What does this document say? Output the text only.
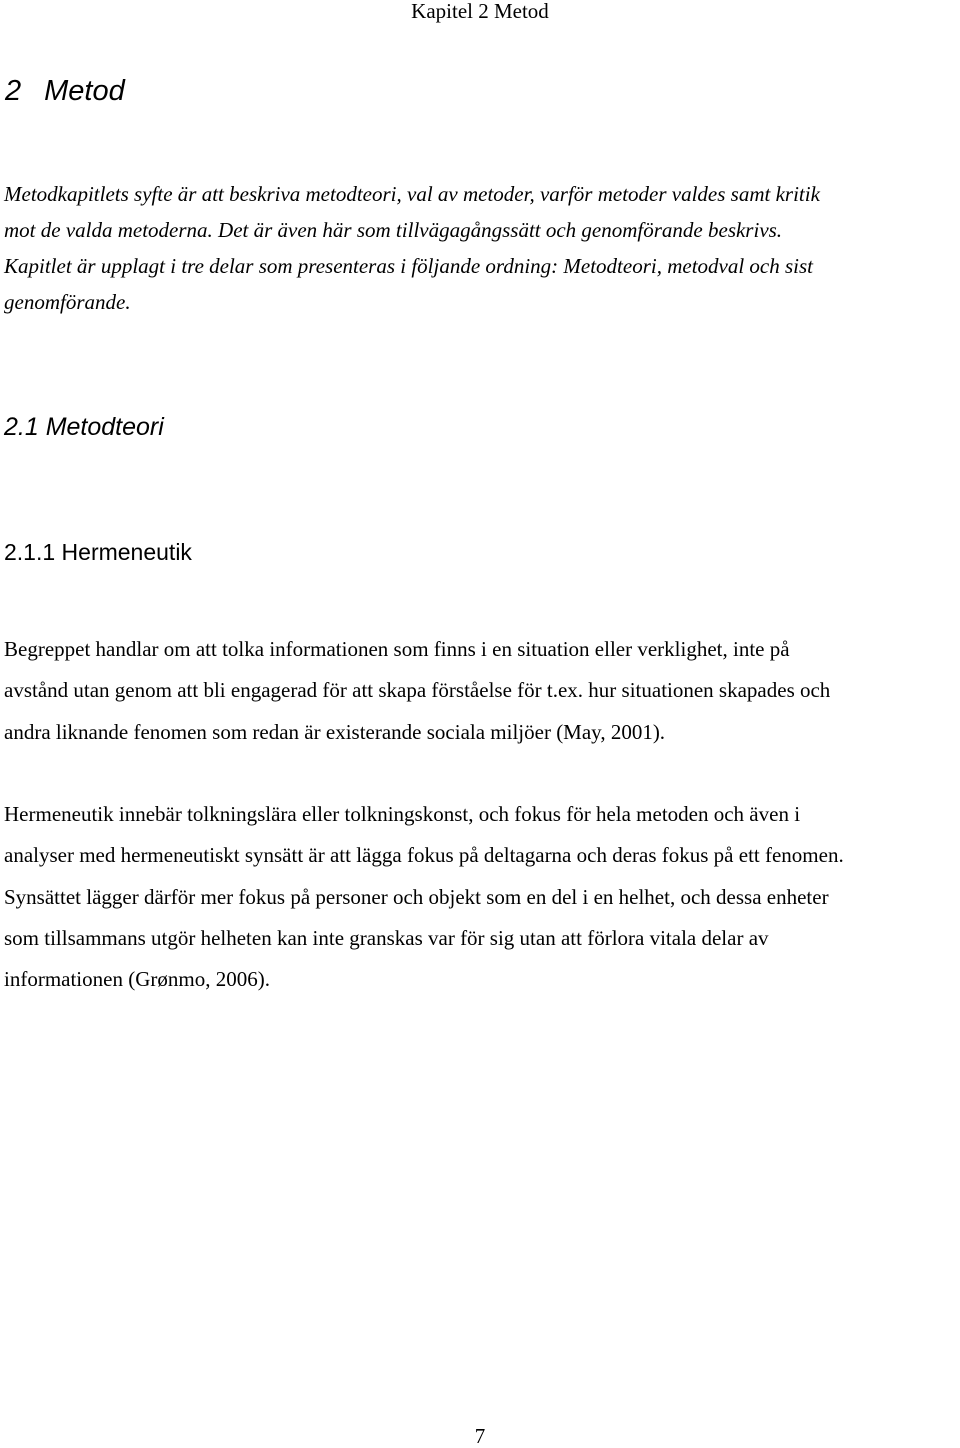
Kapitel 2 Metod
2 Metod

Metodkapitlets syfte är att beskriva metodteori, val av metoder, varför metoder valdes samt kritik
mot de valda metoderna. Det är även här som tillvägagångssätt och genomförande beskrivs.
Kapitlet är upplagt i tre delar som presenteras i följande ordning: Metodteori, metodval och sist
genomförande.

2.1 Metodteori
2.1.1 Hermeneutik

Begreppet handlar om att tolka informationen som finns i en situation eller verklighet, inte på
avstånd utan genom att bli engagerad för att skapa förståelse för t.ex. hur situationen skapades och
andra liknande fenomen som redan är existerande sociala miljöer (May, 2001).

Hermeneutik innebär tolkningslära eller tolkningskonst, och fokus för hela metoden och även i
analyser med hermeneutiskt synsätt är att lägga fokus på deltagarna och deras fokus på ett fenomen.
Synsättet lägger därför mer fokus på personer och objekt som en del i en helhet, och dessa enheter
som tillsammans utgör helheten kan inte granskas var för sig utan att förlora vitala delar av
informationen (Grønmo, 2006).

7
